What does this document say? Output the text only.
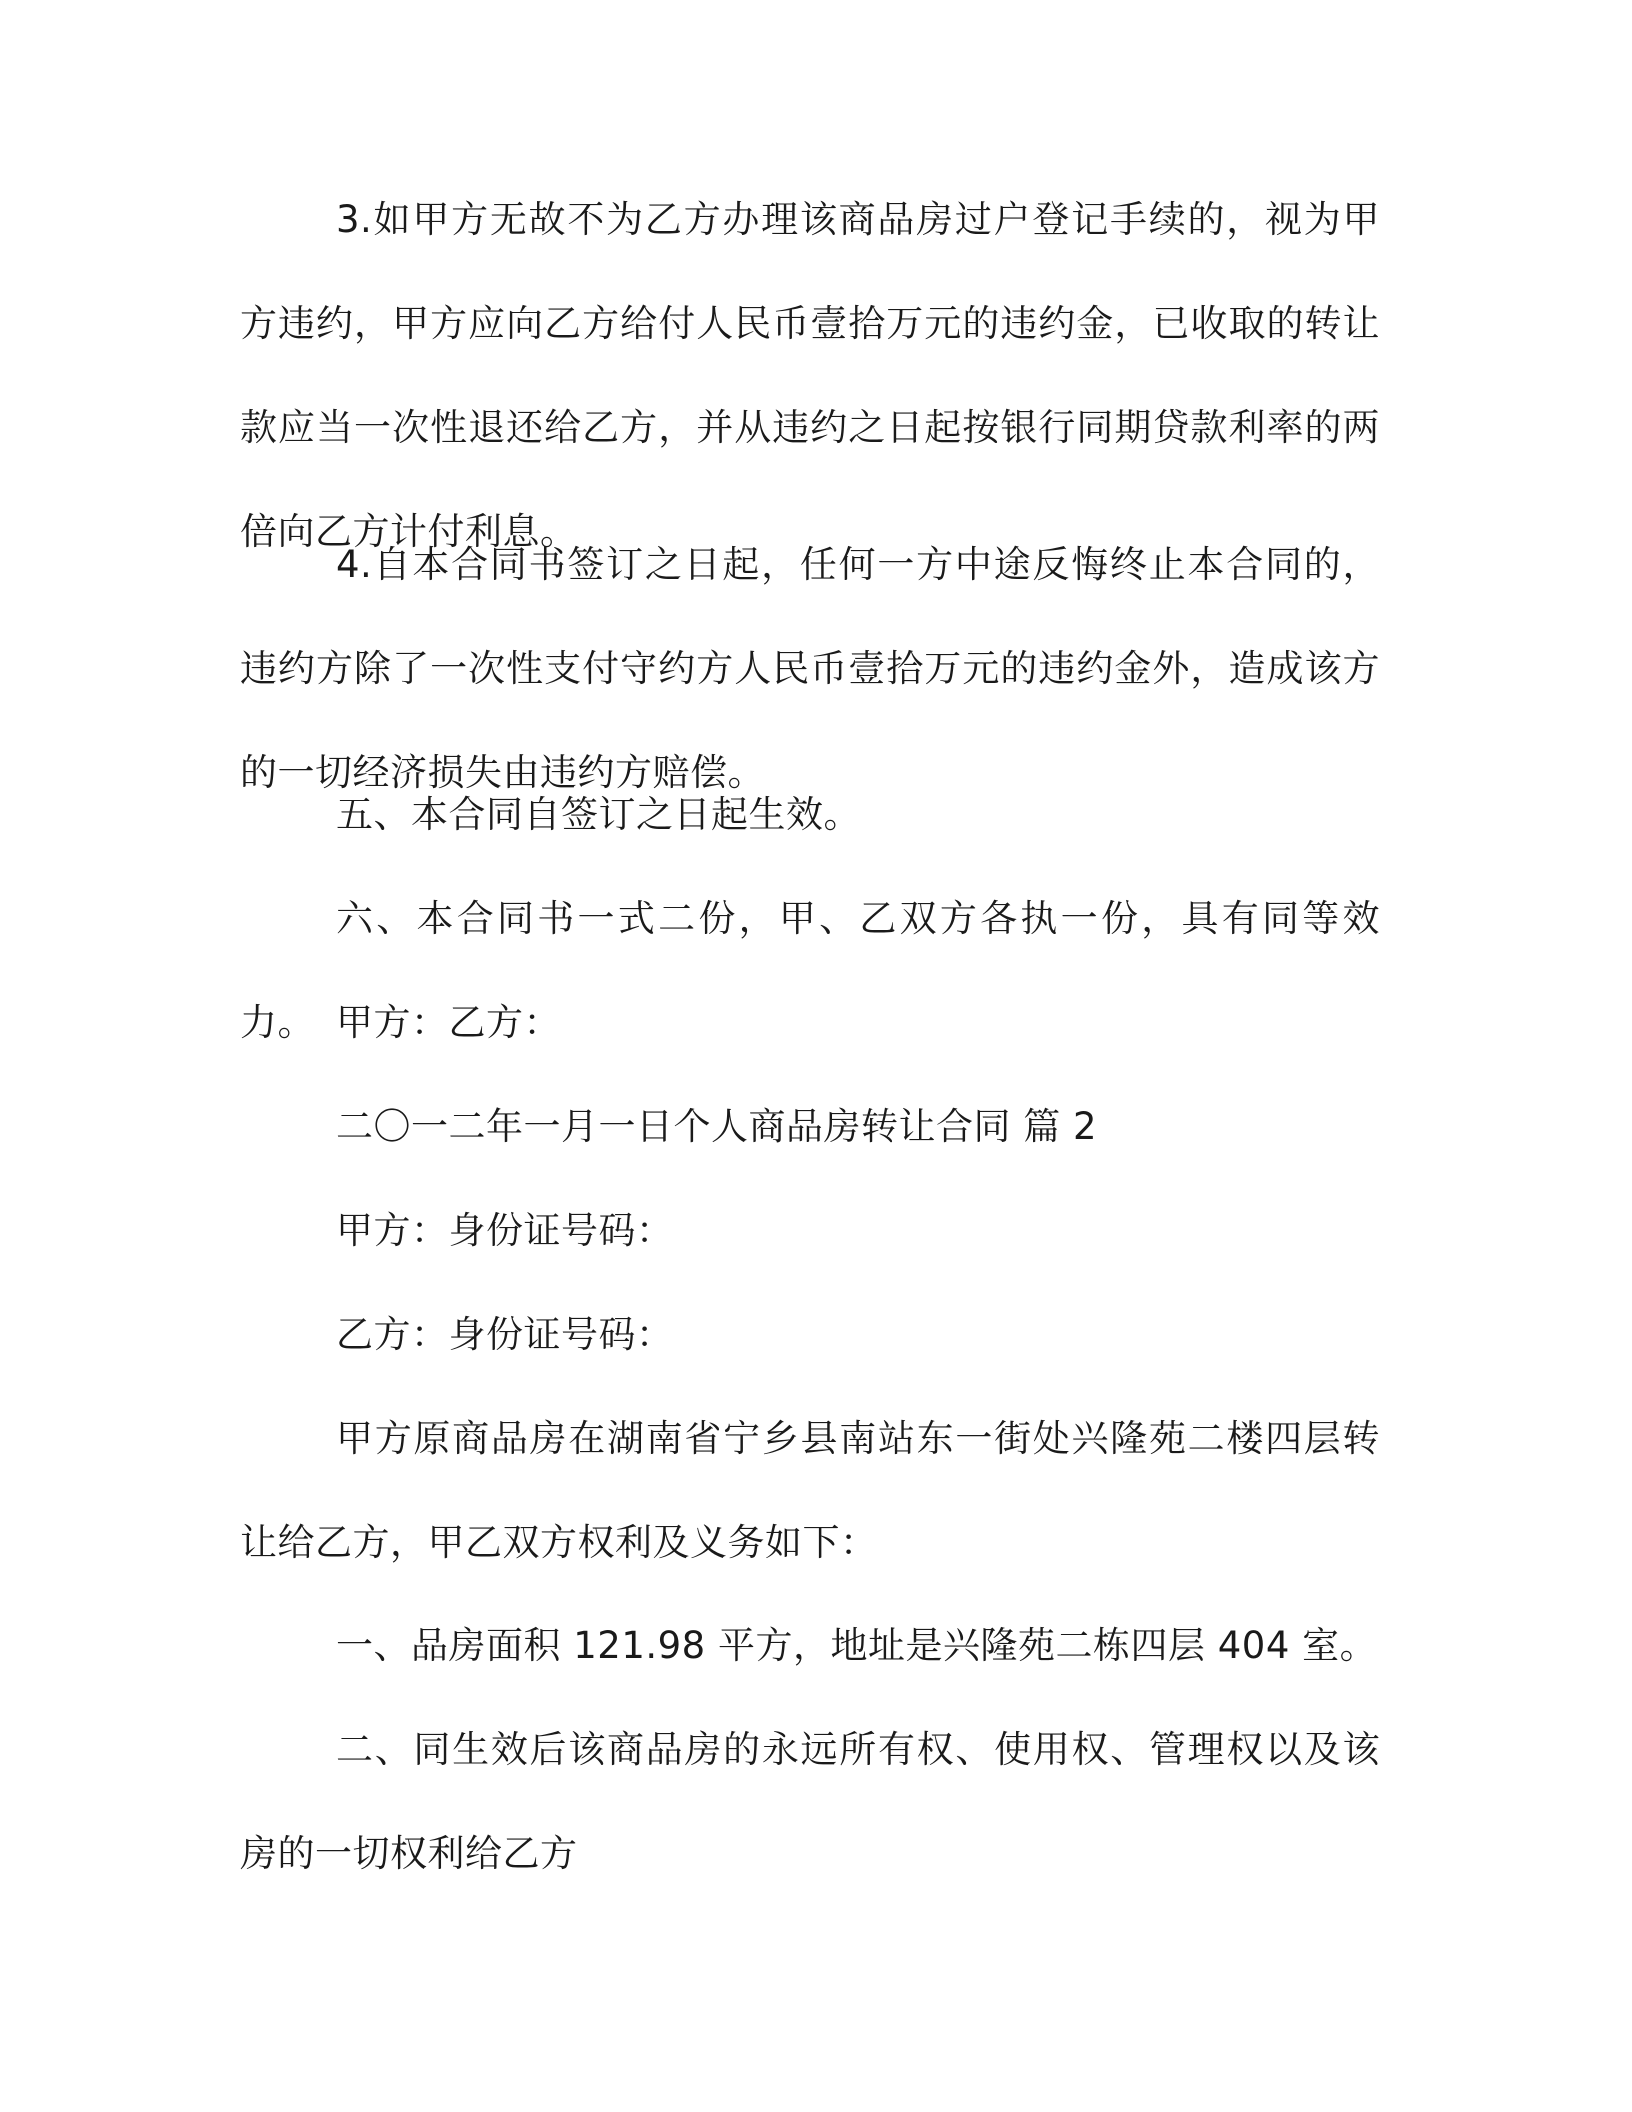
3.如甲方无故不为乙方办理该商品房过户登记手续的，视为甲方违约，甲方应向乙方给付人民币壹拾万元的违约金，已收取的转让款应当一次性退还给乙方，并从违约之日起按银行同期贷款利率的两倍向乙方计付利息。

4.自本合同书签订之日起，任何一方中途反悔终止本合同的，违约方除了一次性支付守约方人民币壹拾万元的违约金外，造成该方的一切经济损失由违约方赔偿。

五、本合同自签订之日起生效。

六、本合同书一式二份，甲、乙双方各执一份，具有同等效力。 甲方：乙方：

二〇一二年一月一日个人商品房转让合同 篇 2

甲方：身份证号码：

乙方：身份证号码：

甲方原商品房在湖南省宁乡县南站东一街处兴隆苑二楼四层转让给乙方，甲乙双方权利及义务如下：

一、品房面积 121.98 平方，地址是兴隆苑二栋四层 404 室。

二、同生效后该商品房的永远所有权、使用权、管理权以及该房的一切权利给乙方
